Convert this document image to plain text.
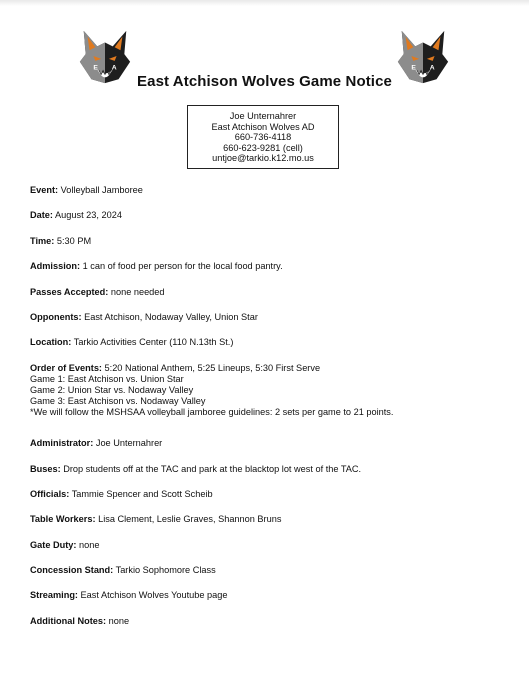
E A	E A
East Atchison Wolves Game Notice
Joe Unternahrer
East Atchison Wolves AD
660-736-4118
660-623-9281 (cell)
untjoe@tarkio.k12.mo.us
Event: Volleyball Jamboree
Date: August 23, 2024
Time: 5:30 PM
Admission: 1 can of food per person for the local food pantry.
Passes Accepted: none needed
Opponents: East Atchison, Nodaway Valley, Union Star
Location: Tarkio Activities Center (110 N.13th St.)
Order of Events: 5:20 National Anthem, 5:25 Lineups, 5:30 First Serve
Game 1: East Atchison vs. Union Star
Game 2: Union Star vs. Nodaway Valley
Game 3: East Atchison vs. Nodaway Valley
*We will follow the MSHSAA volleyball jamboree guidelines: 2 sets per game to 21 points.
Administrator: Joe Unternahrer
Buses: Drop students off at the TAC and park at the blacktop lot west of the TAC.
Officials: Tammie Spencer and Scott Scheib
Table Workers: Lisa Clement, Leslie Graves, Shannon Bruns
Gate Duty: none
Concession Stand: Tarkio Sophomore Class
Streaming: East Atchison Wolves Youtube page
Additional Notes: none
